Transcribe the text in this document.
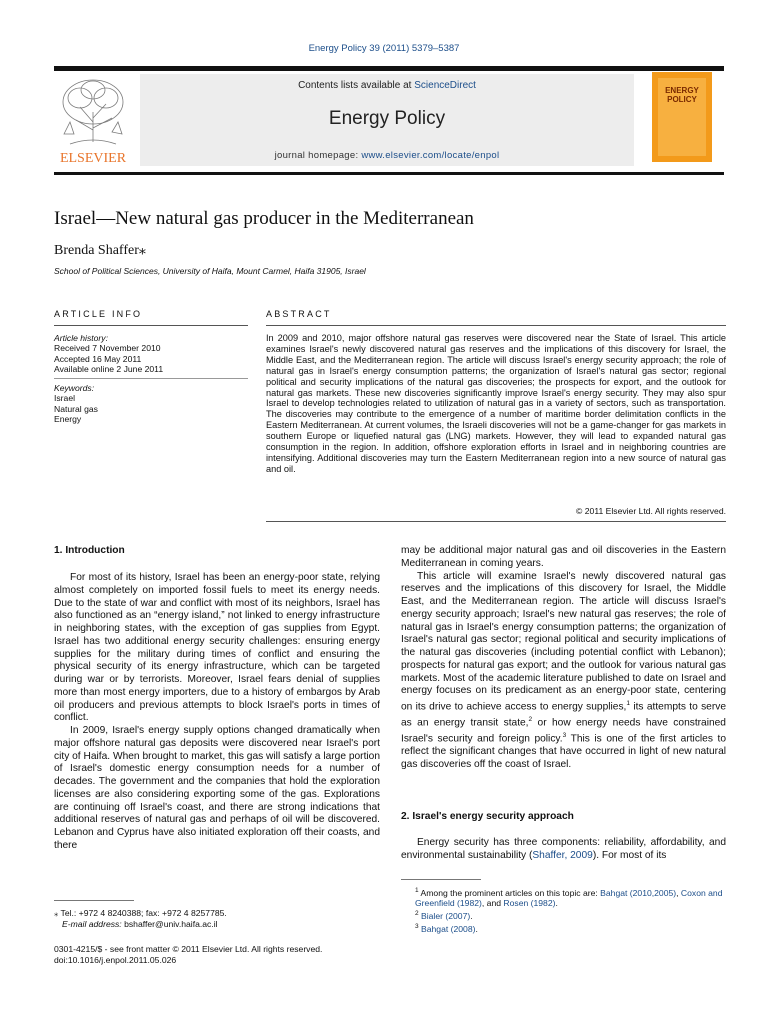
Energy Policy 39 (2011) 5379–5387
ELSEVIER
Contents lists available at ScienceDirect
Energy Policy
journal homepage: www.elsevier.com/locate/enpol
ENERGY
POLICY
Israel—New natural gas producer in the Mediterranean
Brenda Shaffer⁎
School of Political Sciences, University of Haifa, Mount Carmel, Haifa 31905, Israel
ARTICLE INFO
Article history:
Received 7 November 2010
Accepted 16 May 2011
Available online 2 June 2011
Keywords:
Israel
Natural gas
Energy
ABSTRACT
In 2009 and 2010, major offshore natural gas reserves were discovered near the State of Israel. This article examines Israel's newly discovered natural gas reserves and the implications of this discovery for Israel, the Middle East, and the Mediterranean region. The article will discuss Israel's energy security approach; the role of natural gas in Israel's energy consumption patterns; the organization of Israel's natural gas sector; regional political and security implications of the natural gas discoveries; the prospects for export, and the outlook for natural gas markets. These new discoveries significantly improve Israel's energy security. They may also spur Israel to develop technologies related to utilization of natural gas in a variety of sectors, such as transportation. The discoveries may contribute to the emergence of a number of maritime border delimitation conflicts in the Eastern Mediterranean. At current volumes, the Israeli discoveries will not be a game-changer for gas markets in southern Europe or liquefied natural gas (LNG) markets. However, they will lead to expanded natural gas consumption in the region. In addition, offshore exploration efforts in Israel and in neighboring countries are intensifying. Additional discoveries may turn the Eastern Mediterranean region into a new source of natural gas and oil.
© 2011 Elsevier Ltd. All rights reserved.
1. Introduction

For most of its history, Israel has been an energy-poor state, relying almost completely on imported fossil fuels to meet its energy needs. Due to the state of war and conflict with most of its neighbors, Israel has also functioned as an “energy island,” not linked to energy infrastructure in neighboring states, with the exception of gas supplies from Egypt. Israel has two additional energy security challenges: ensuring energy supplies for the military during times of conflict and ensuring the physical security of its energy infrastructure, which can be targeted during war or by terrorists. Moreover, Israel fears denial of supplies more than most energy importers, due to a history of embargos by Arab oil producers and previous attempts to block Israel's ports in times of conflict.

In 2009, Israel's energy supply options changed dramatically when major offshore natural gas deposits were discovered near Israel's port city of Haifa. When brought to market, this gas will satisfy a large portion of Israel's domestic energy consumption needs for a number of decades. The government and the companies that hold the exploration licenses are also considering exporting some of the gas. Explorations are continuing off Israel's coast, and there are strong indications that additional reserves of natural gas and perhaps of oil will be discovered. Lebanon and Cyprus have also initiated exploration off their coasts, and there

⁎ Tel.: +972 4 8240388; fax: +972 4 8257785.
E-mail address: bshaffer@univ.haifa.ac.il
0301-4215/$ - see front matter © 2011 Elsevier Ltd. All rights reserved.
doi:10.1016/j.enpol.2011.05.026
may be additional major natural gas and oil discoveries in the Eastern Mediterranean in coming years.

This article will examine Israel's newly discovered natural gas reserves and the implications of this discovery for Israel, the Middle East, and the Mediterranean region. The article will discuss Israel's energy security approach; Israel's new natural gas reserves; the role of natural gas in Israel's energy consumption patterns; the organization of Israel's natural gas sector; regional political and security implications of the natural gas discoveries (including potential conflict with Lebanon); prospects for natural gas export; and the outlook for various natural gas markets. Most of the academic literature published to date on Israel and energy focuses on its predicament as an energy-poor state, centering on its drive to achieve access to energy supplies,$^1$ its attempts to serve as an energy transit state,$^2$ or how energy needs have constrained Israel's security and foreign policy.$^3$ This is one of the first articles to reflect the significant changes that have occurred in light of new natural gas discoveries off the coast of Israel.

2. Israel's energy security approach

Energy security has three components: reliability, affordability, and environmental sustainability (Shaffer, 2009). For most of its

$^1$ Among the prominent articles on this topic are: Bahgat (2010,2005), Coxon and Greenfield (1982), and Rosen (1982).
$^2$ Bialer (2007).
$^3$ Bahgat (2008).
